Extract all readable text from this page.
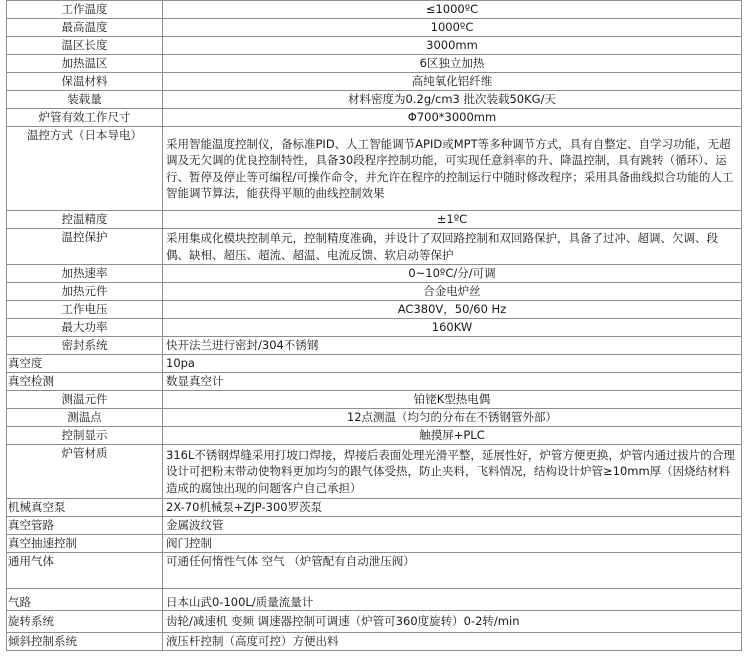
工作温度	≤1000ºC
最高温度	1000ºC
温区长度	3000mm
加热温区	6区独立加热
保温材料	高纯氧化铝纤维
装载量	材料密度为0.2g/cm3 批次装载50KG/天
炉管有效工作尺寸	Φ700*3000mm
温控方式（日本导电）	采用智能温度控制仪，备标准PID、人工智能调节APID或MPT等多种调节方式，具有自整定、自学习功能，无超调及无欠调的优良控制特性，具备30段程序控制功能，可实现任意斜率的升、降温控制，具有跳转（循环）、运行、暂停及停止等可编程/可操作命令，并允许在程序的控制运行中随时修改程序；采用具备曲线拟合功能的人工智能调节算法，能获得平顺的曲线控制效果
控温精度	±1ºC
温控保护	采用集成化模块控制单元，控制精度准确，并设计了双回路控制和双回路保护，具备了过冲、超调、欠调、段偶、缺相、超压、超流、超温、电流反馈、软启动等保护
加热速率	0~10ºC/分/可调
加热元件	合金电炉丝
工作电压	AC380V，50/60 Hz
最大功率	160KW
密封系统	快开法兰进行密封/304不锈钢
真空度	10pa
真空检测	数显真空计
测温元件	铂铑K型热电偶
测温点	12点测温（均匀的分布在不锈钢管外部）
控制显示	触摸屏+PLC
炉管材质	316L不锈钢焊缝采用打坡口焊接，焊接后表面处理光滑平整，延展性好，炉管方便更换，炉管内通过拔片的合理设计可把粉末带动使物料更加均匀的跟气体受热，防止夹料，飞料情况，结构设计炉管≥10mm厚（因烧结材料造成的腐蚀出现的问题客户自己承担）
机械真空泵	2X-70机械泵+ZJP-300罗茨泵
真空管路	金属波纹管
真空抽速控制	阀门控制
通用气体	可通任何惰性气体 空气 （炉管配有自动泄压阀）
气路	日本山武0-100L/质量流量计
旋转系统	齿轮/减速机 变频 调速器控制可调速（炉管可360度旋转）0-2转/min
倾斜控制系统	液压杆控制（高度可控）方便出料
